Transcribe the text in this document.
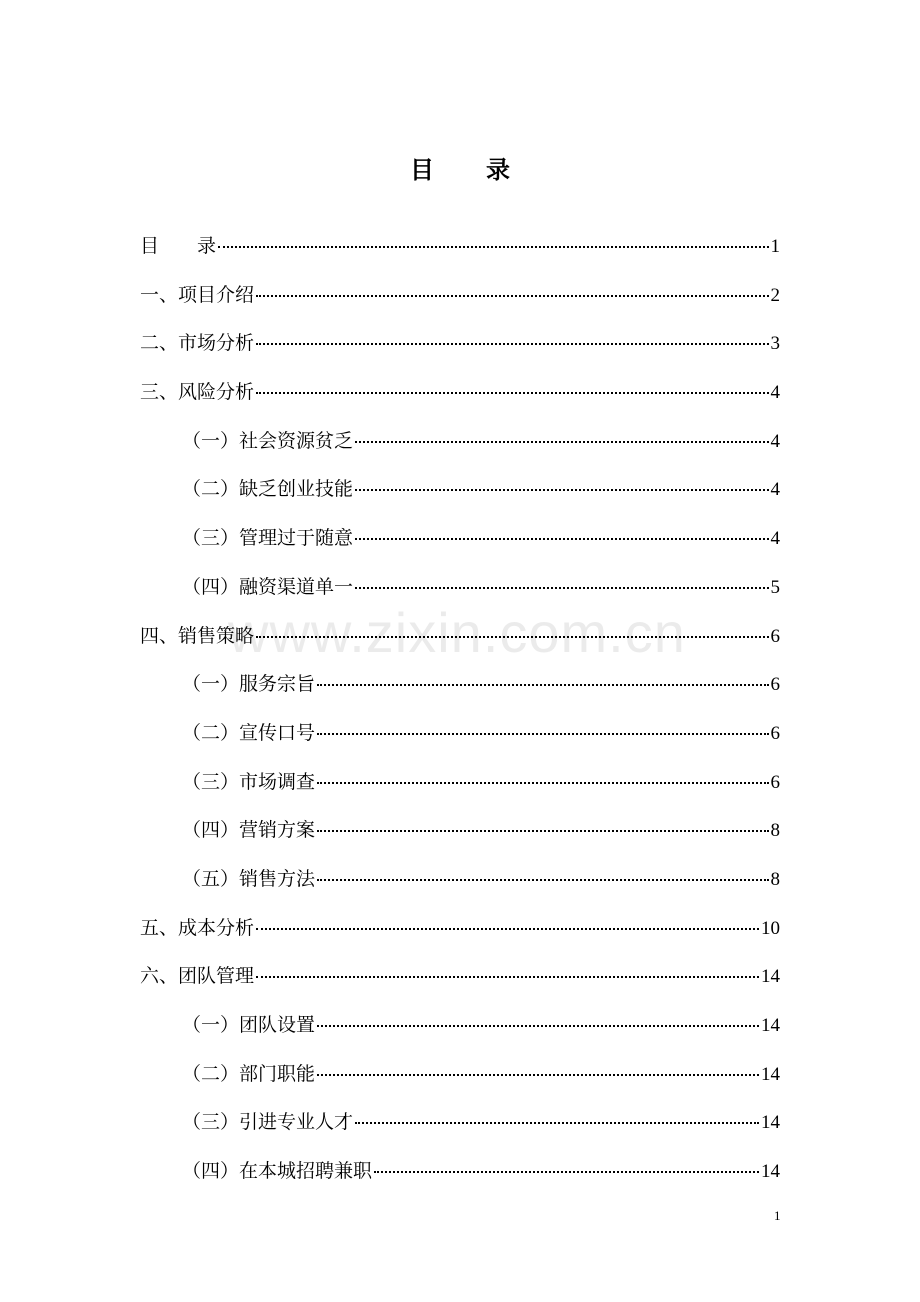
目 录
目　　录	1
一、项目介绍	2
二、市场分析	3
三、风险分析	4
（一）社会资源贫乏	4
（二）缺乏创业技能	4
（三）管理过于随意	4
（四）融资渠道单一	5
四、销售策略	6
（一）服务宗旨	6
（二）宣传口号	6
（三）市场调查	6
（四）营销方案	8
（五）销售方法	8
五、成本分析	10
六、团队管理	14
（一）团队设置	14
（二）部门职能	14
（三）引进专业人才	14
（四）在本城招聘兼职	14
www.zixin.com.cn
1
